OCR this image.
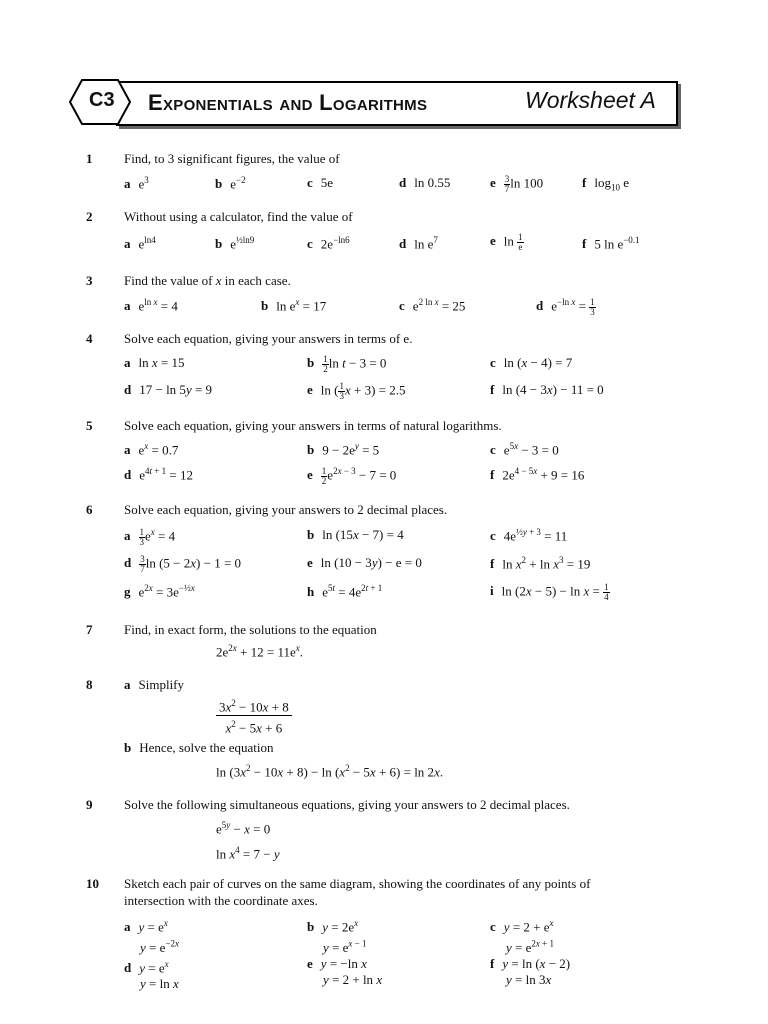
C3 Exponentials and Logarithms	Worksheet A
1 Find, to 3 significant figures, the value of
a $e^3$	b $e^{-2}$	c 5e	d ln 0.55	e $\frac{3}{7}$ ln 100	f $\log_{10} e$
2 Without using a calculator, find the value of
a $e^{ln4}$	b $e^{\frac{1}{2}ln9}$	c $2e^{-ln6}$	d $\ln e^7$	e $\ln \frac{1}{e}$	f 5 $\ln e^{-0.1}$
3 Find the value of x in each case.
a $e^{ln x} = 4$	b $\ln e^x = 17$	c $e^{2 ln x} = 25$	d $e^{-ln x} = \frac{1}{3}$
4 Solve each equation, giving your answers in terms of e.
a ln x = 15	b $\frac{1}{2}$ ln t − 3 = 0	c ln (x − 4) = 7
d 17 − ln 5y = 9	e ln ( $\frac{1}{3}$ x + 3) = 2.5	f ln (4 − 3x) − 11 = 0
5 Solve each equation, giving your answers in terms of natural logarithms.
a $e^x = 0.7$	b $9 - 2e^y = 5$	c $e^{5x} - 3 = 0$
d $e^{4t + 1} = 12$	e $\frac{1}{2} e^{2x - 3} - 7 = 0$	f $2e^{4 - 5x} + 9 = 16$
6 Solve each equation, giving your answers to 2 decimal places.
a $\frac{1}{3} e^x = 4$	b ln (15x − 7) = 4	c $4e^{\frac{1}{2}y + 3} = 11$
d $\frac{3}{7}$ ln (5 − 2x) − 1 = 0	e ln (10 − 3y) − e = 0	f $\ln x^2 + \ln x^3 = 19$
g $e^{2x} = 3e^{-\frac{1}{2}x}$	h $e^{5t} = 4e^{2t + 1}$	i $\ln (2x - 5) - \ln x = \frac{1}{4}$
7 Find, in exact form, the solutions to the equation
$2e^{2x} + 12 = 11e^x$.
8 a Simplify
$3x^2 - 10x + 8$
$x^2 - 5x + 6$
b Hence, solve the equation
$\ln (3x^2 - 10x + 8) - \ln (x^2 - 5x + 6) = \ln 2x$.
9 Solve the following simultaneous equations, giving your answers to 2 decimal places.
$e^{5y} - x = 0$
$\ln x^4 = 7 - y$
10 Sketch each pair of curves on the same diagram, showing the coordinates of any points of
intersection with the coordinate axes.
a $y = e^x$
$y = e^{-2x}$
b $y = 2e^x$
$y = e^{x - 1}$
c $y = 2 + e^x$
$y = e^{2x + 1}$
d $y = e^x$
y = ln x
e y = −ln x
y = 2 + ln x
f y = ln (x − 2)
y = ln 3x
